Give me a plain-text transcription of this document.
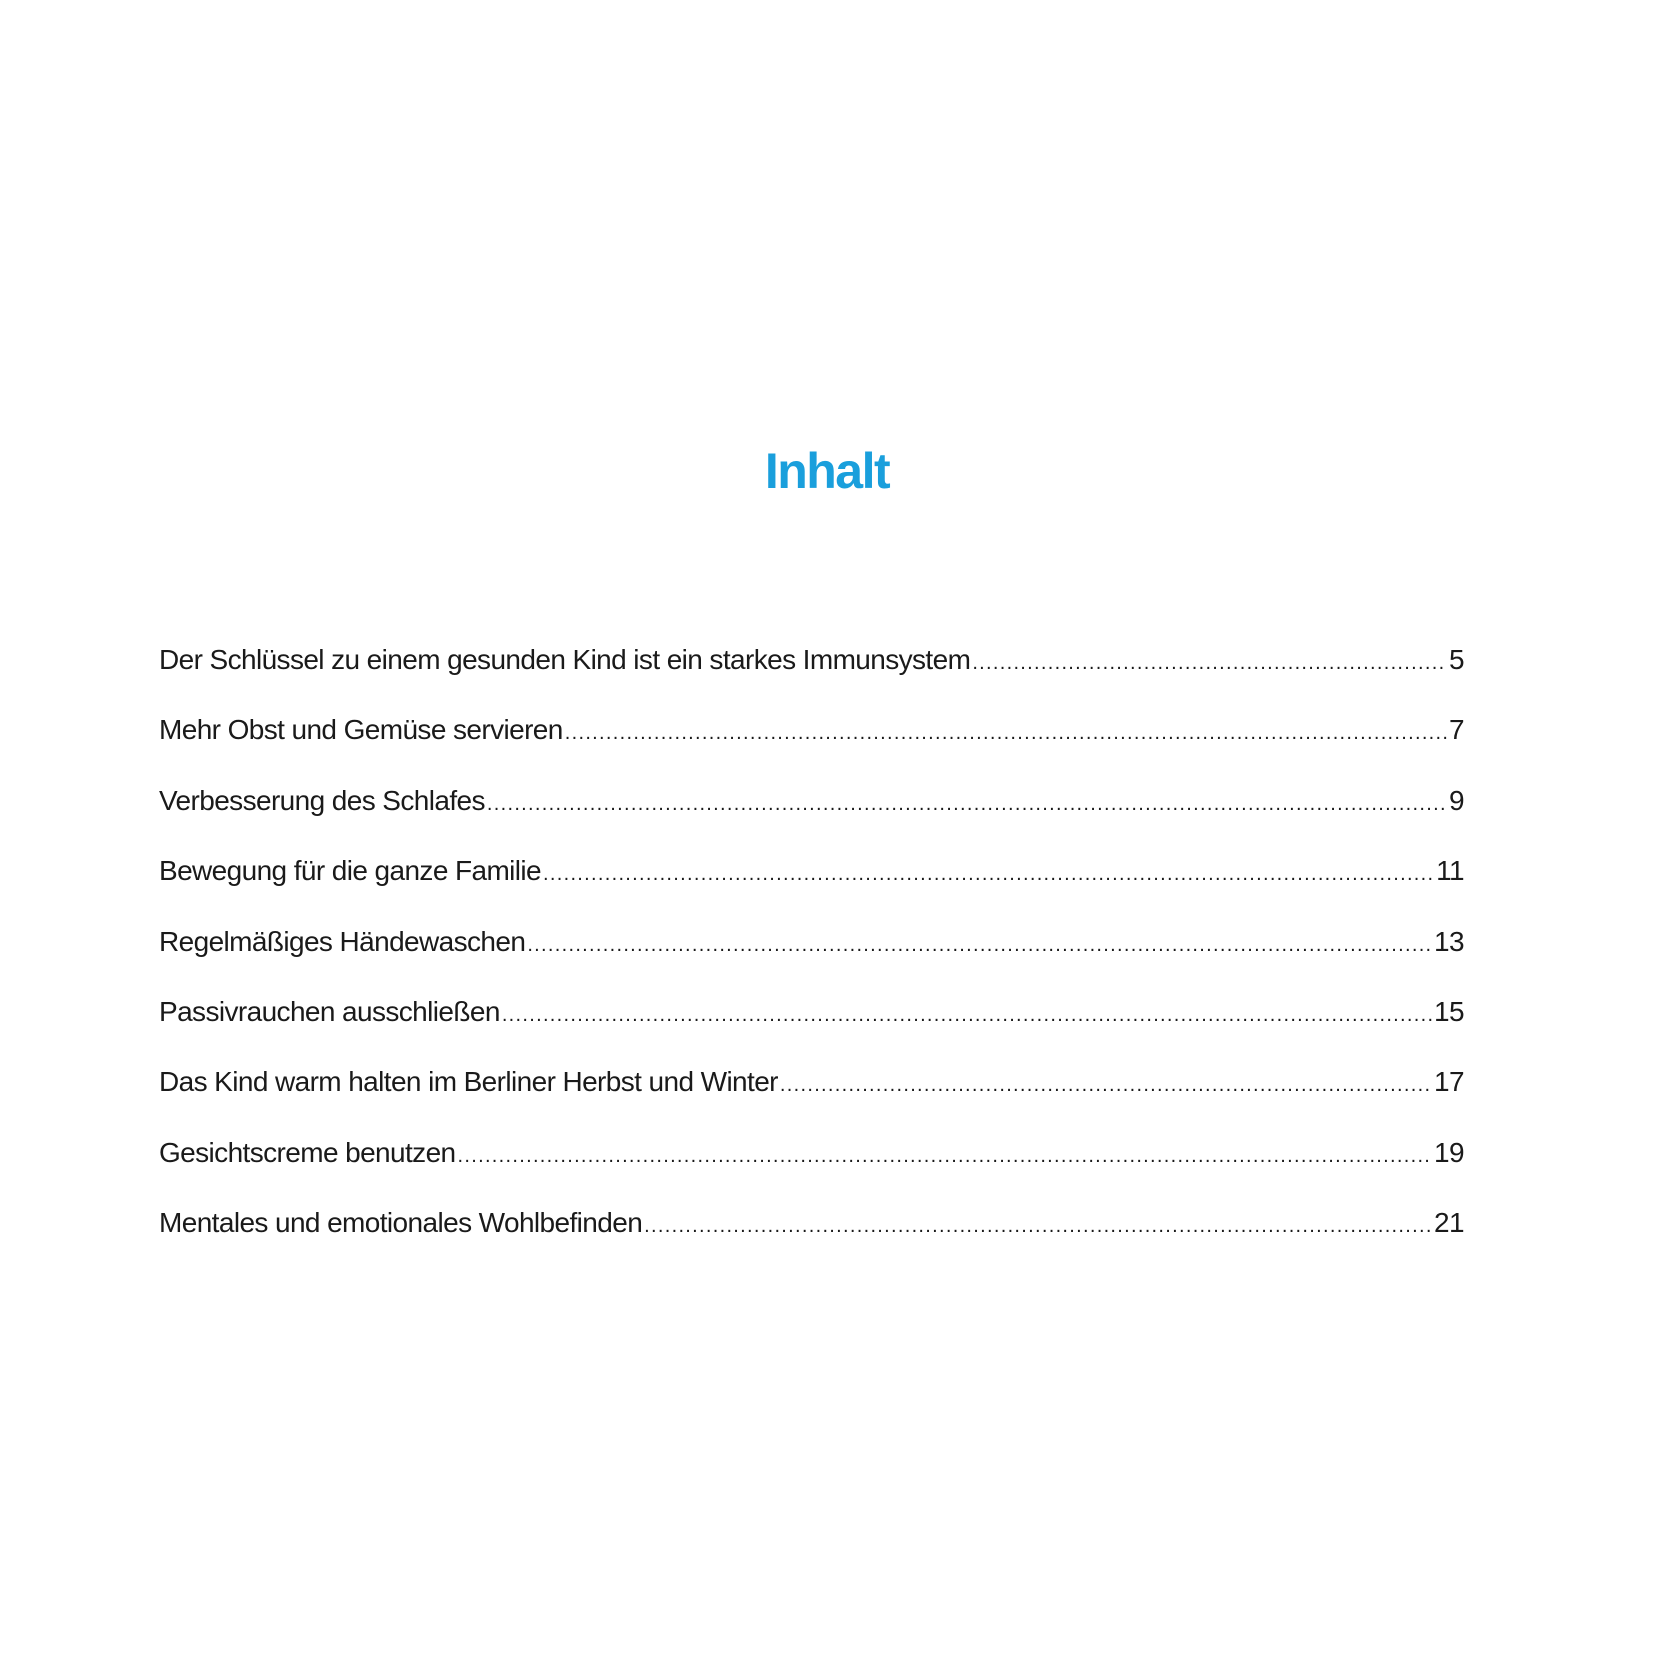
Inhalt
Der Schlüssel zu einem gesunden Kind ist ein starkes Immunsystem .....	5
Mehr Obst und Gemüse servieren .....	7
Verbesserung des Schlafes .....	9
Bewegung für die ganze Familie .....	11
Regelmäßiges Händewaschen .....	13
Passivrauchen ausschließen .....	15
Das Kind warm halten im Berliner Herbst und Winter .....	17
Gesichtscreme benutzen .....	19
Mentales und emotionales Wohlbefinden .....	21
